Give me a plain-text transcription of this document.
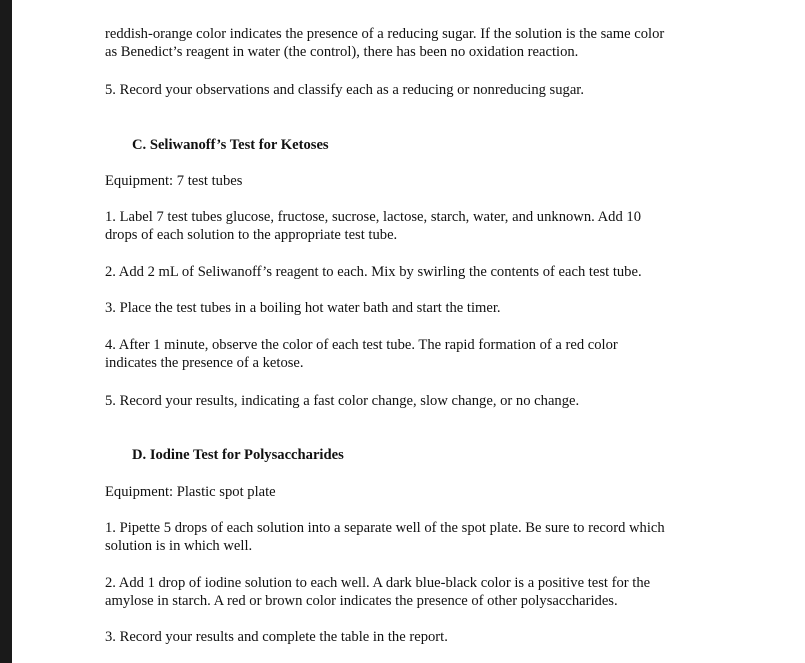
reddish-orange color indicates the presence of a reducing sugar. If the solution is the same color
as Benedict’s reagent in water (the control), there has been no oxidation reaction.
5. Record your observations and classify each as a reducing or nonreducing sugar.
C. Seliwanoff’s Test for Ketoses
Equipment: 7 test tubes
1. Label 7 test tubes glucose, fructose, sucrose, lactose, starch, water, and unknown. Add 10
drops of each solution to the appropriate test tube.
2. Add 2 mL of Seliwanoff’s reagent to each. Mix by swirling the contents of each test tube.
3. Place the test tubes in a boiling hot water bath and start the timer.
4. After 1 minute, observe the color of each test tube. The rapid formation of a red color
indicates the presence of a ketose.
5. Record your results, indicating a fast color change, slow change, or no change.
D. Iodine Test for Polysaccharides
Equipment: Plastic spot plate
1. Pipette 5 drops of each solution into a separate well of the spot plate. Be sure to record which
solution is in which well.
2. Add 1 drop of iodine solution to each well. A dark blue-black color is a positive test for the
amylose in starch. A red or brown color indicates the presence of other polysaccharides.
3. Record your results and complete the table in the report.
